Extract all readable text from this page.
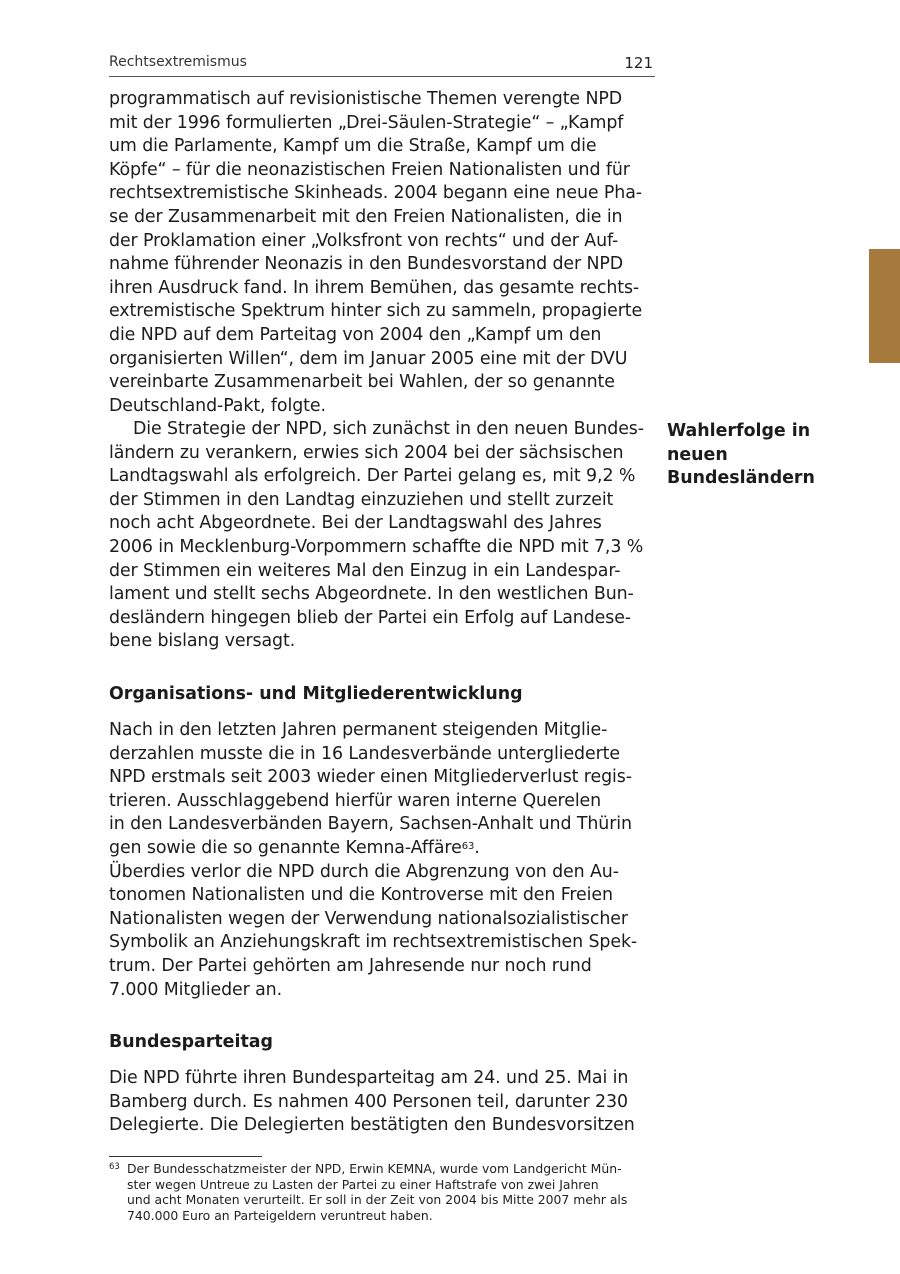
Rechtsextremismus	121
programmatisch auf revisionistische Themen verengte NPD
mit der 1996 formulierten „Drei-Säulen-Strategie“ – „Kampf
um die Parlamente, Kampf um die Straße, Kampf um die
Köpfe“ – für die neonazistischen Freien Nationalisten und für
rechtsextremistische Skinheads. 2004 begann eine neue Pha-
se der Zusammenarbeit mit den Freien Nationalisten, die in
der Proklamation einer „Volksfront von rechts“ und der Auf-
nahme führender Neonazis in den Bundesvorstand der NPD
ihren Ausdruck fand. In ihrem Bemühen, das gesamte rechts-
extremistische Spektrum hinter sich zu sammeln, propagierte
die NPD auf dem Parteitag von 2004 den „Kampf um den
organisierten Willen“, dem im Januar 2005 eine mit der DVU
vereinbarte Zusammenarbeit bei Wahlen, der so genannte
Deutschland-Pakt, folgte.
Die Strategie der NPD, sich zunächst in den neuen Bundes-
ländern zu verankern, erwies sich 2004 bei der sächsischen
Landtagswahl als erfolgreich. Der Partei gelang es, mit 9,2 %
der Stimmen in den Landtag einzuziehen und stellt zurzeit
noch acht Abgeordnete. Bei der Landtagswahl des Jahres
2006 in Mecklenburg-Vorpommern schaffte die NPD mit 7,3 %
der Stimmen ein weiteres Mal den Einzug in ein Landespar-
lament und stellt sechs Abgeordnete. In den westlichen Bun-
desländern hingegen blieb der Partei ein Erfolg auf Landese-
bene bislang versagt.
Wahlerfolge in
neuen
Bundesländern
Organisations- und Mitgliederentwicklung
Nach in den letzten Jahren permanent steigenden Mitglie-
derzahlen musste die in 16 Landesverbände untergliederte
NPD erstmals seit 2003 wieder einen Mitgliederverlust regis-
trieren. Ausschlaggebend hierfür waren interne Querelen
in den Landesverbänden Bayern, Sachsen-Anhalt und Thürin
gen sowie die so genannte Kemna-Affäre$^{63}$.
Überdies verlor die NPD durch die Abgrenzung von den Au-
tonomen Nationalisten und die Kontroverse mit den Freien
Nationalisten wegen der Verwendung nationalsozialistischer
Symbolik an Anziehungskraft im rechtsextremistischen Spek-
trum. Der Partei gehörten am Jahresende nur noch rund
7.000 Mitglieder an.
Bundesparteitag
Die NPD führte ihren Bundesparteitag am 24. und 25. Mai in
Bamberg durch. Es nahmen 400 Personen teil, darunter 230
Delegierte. Die Delegierten bestätigten den Bundesvorsitzen
63 Der Bundesschatzmeister der NPD, Erwin KEMNA, wurde vom Landgericht Mün-
ster wegen Untreue zu Lasten der Partei zu einer Haftstrafe von zwei Jahren
und acht Monaten verurteilt. Er soll in der Zeit von 2004 bis Mitte 2007 mehr als
740.000 Euro an Parteigeldern veruntreut haben.
